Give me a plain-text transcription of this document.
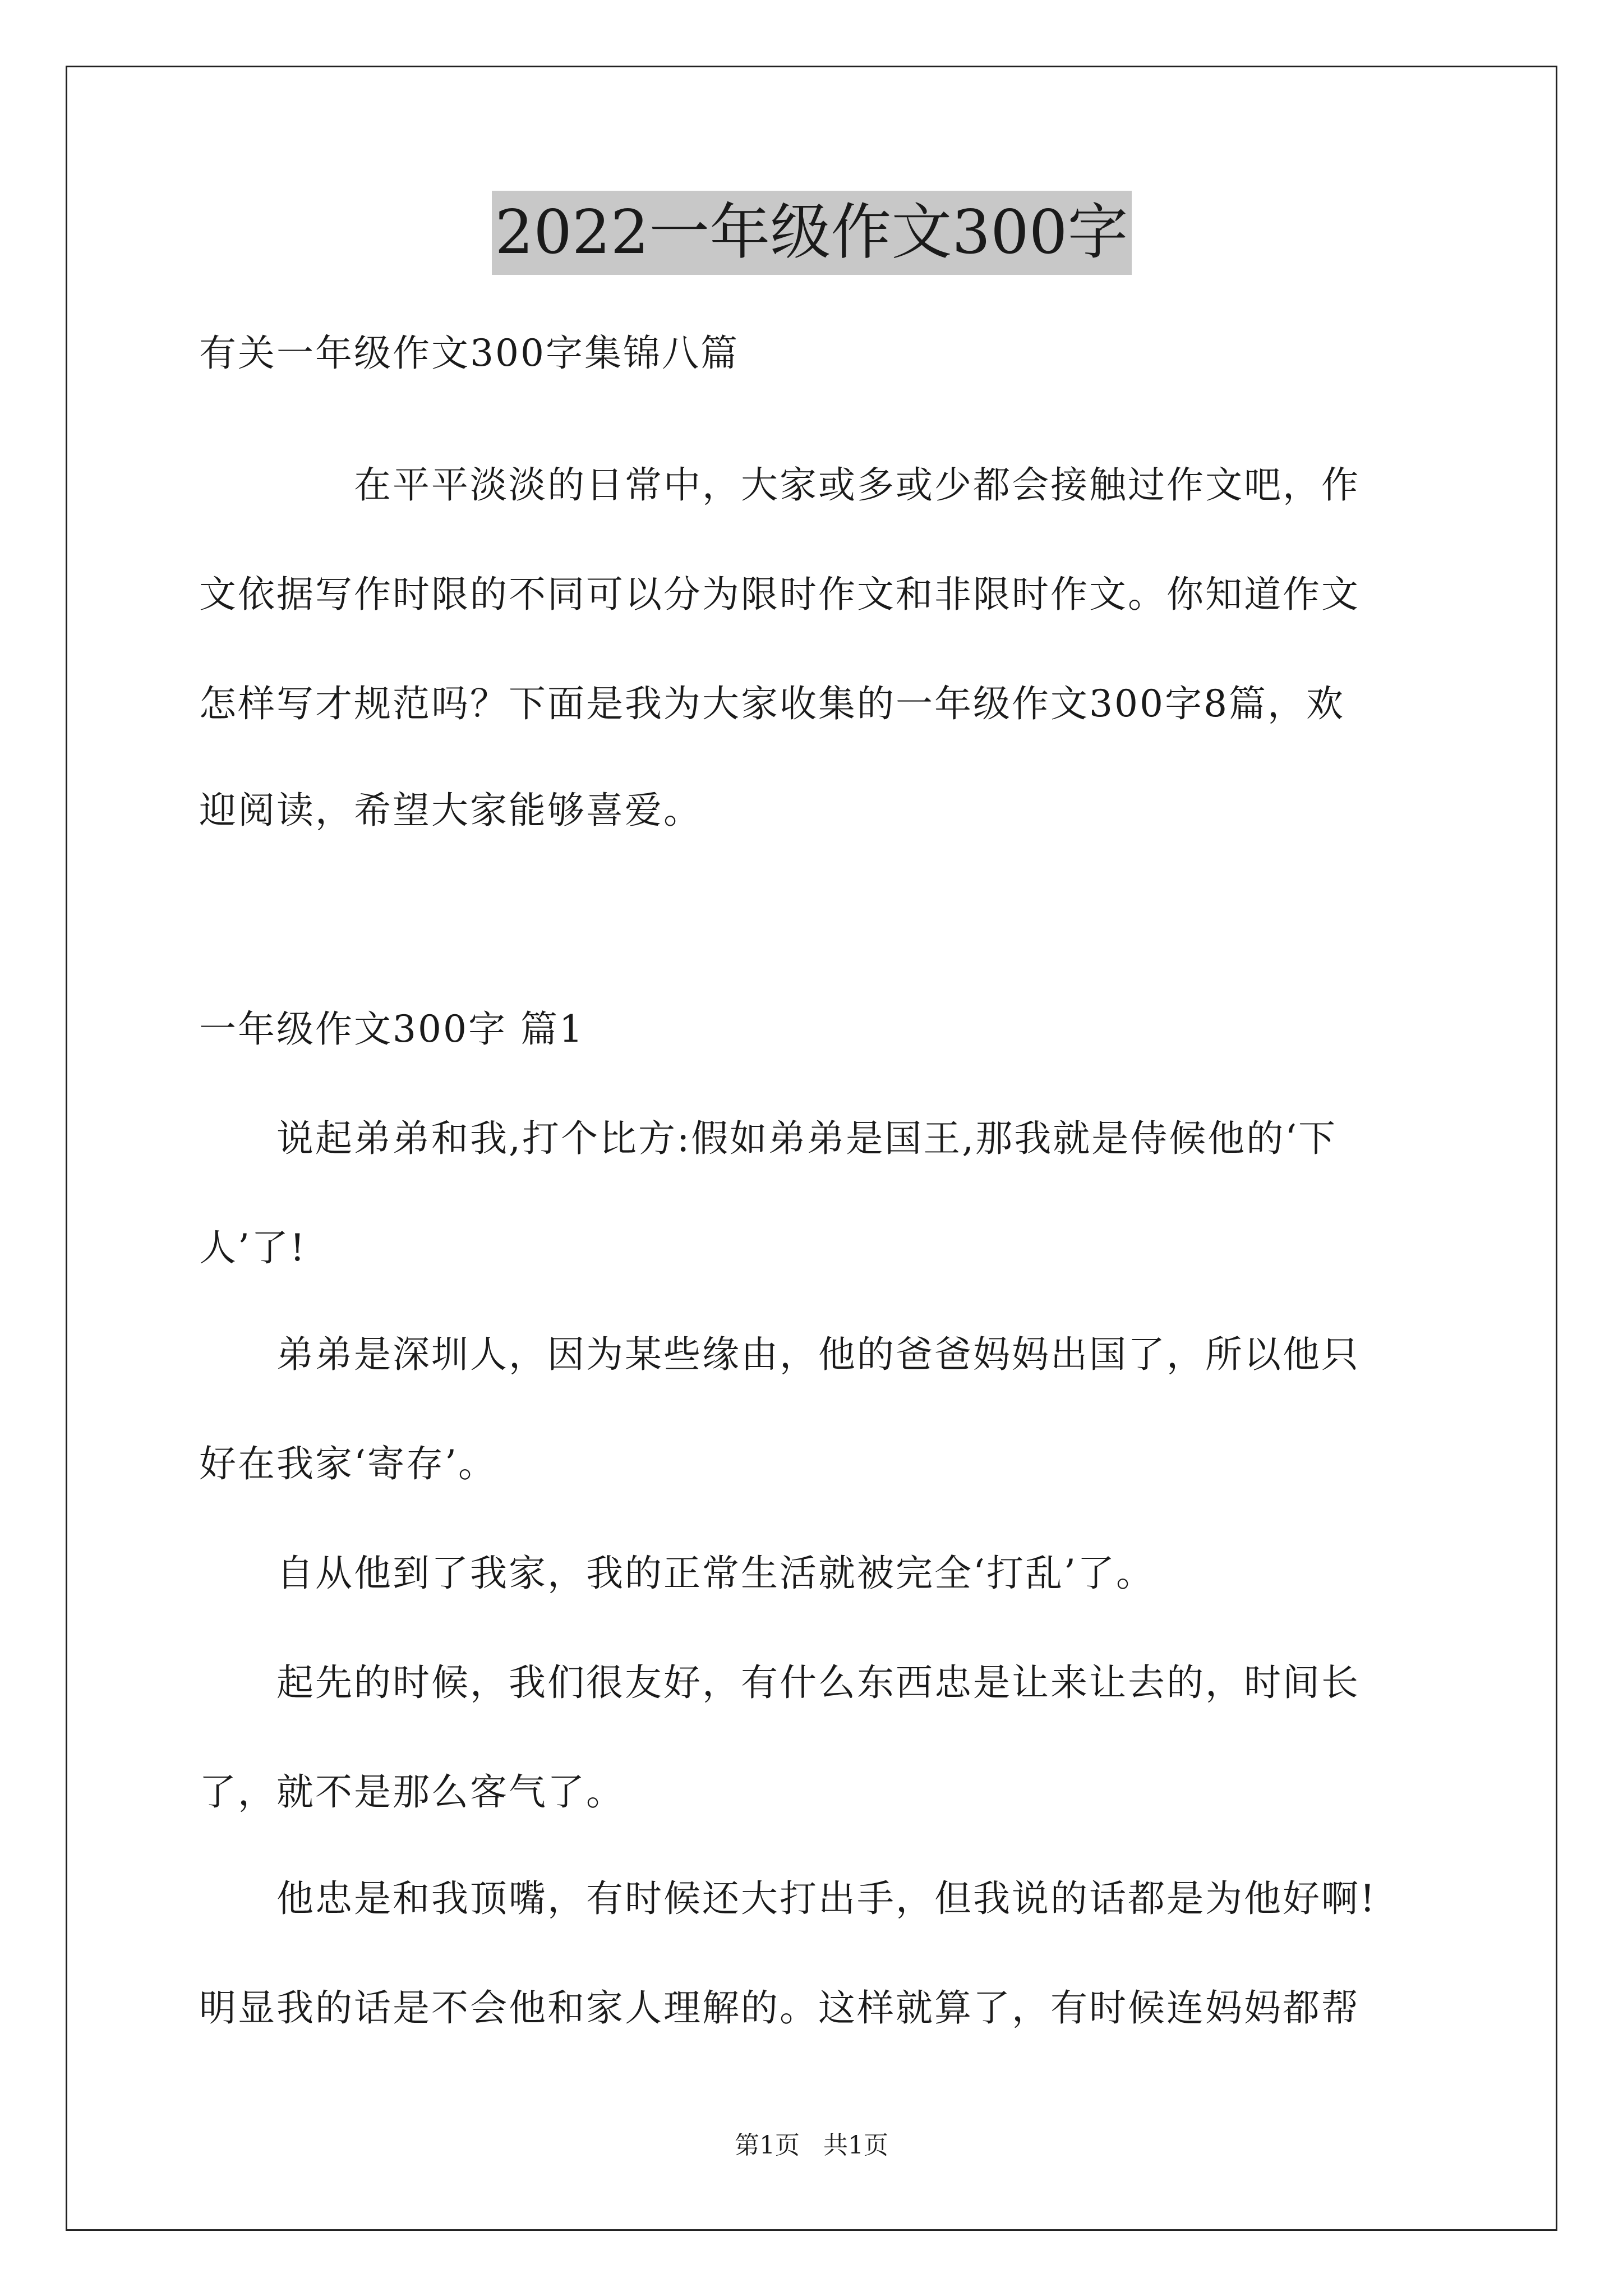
2022一年级作文300字
有关一年级作文300字集锦八篇
　　　　在平平淡淡的日常中，大家或多或少都会接触过作文吧，作
文依据写作时限的不同可以分为限时作文和非限时作文。你知道作文
怎样写才规范吗？下面是我为大家收集的一年级作文300字8篇，欢
迎阅读，希望大家能够喜爱。
一年级作文300字 篇1
　　说起弟弟和我,打个比方:假如弟弟是国王,那我就是侍候他的‘下
人’了!
　　弟弟是深圳人，因为某些缘由，他的爸爸妈妈出国了，所以他只
好在我家‘寄存’。
　　自从他到了我家，我的正常生活就被完全‘打乱’了。
　　起先的时候，我们很友好，有什么东西忠是让来让去的，时间长
了，就不是那么客气了。
　　他忠是和我顶嘴，有时候还大打出手，但我说的话都是为他好啊!
明显我的话是不会他和家人理解的。这样就算了，有时候连妈妈都帮
第1页   共1页
